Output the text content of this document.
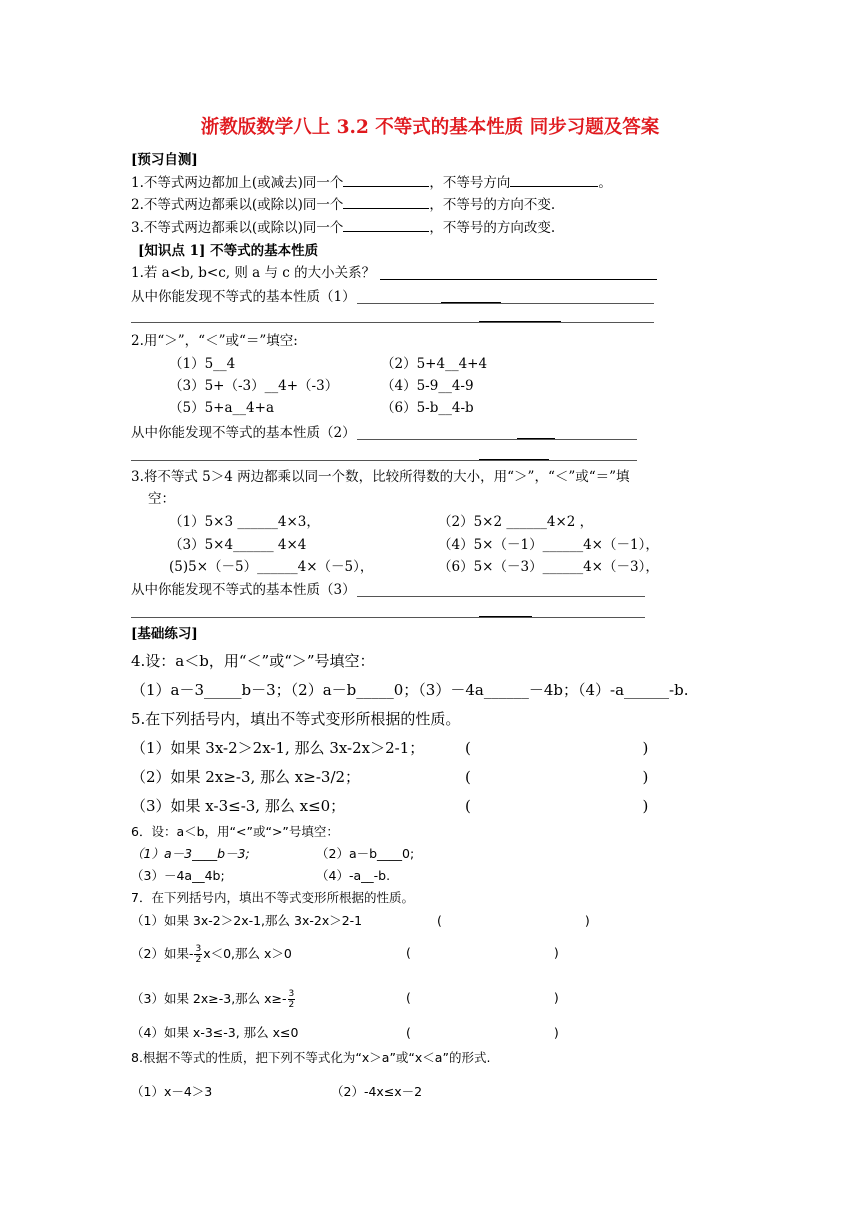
浙教版数学八上 3.2 不等式的基本性质 同步习题及答案
[预习自测]
1.不等式两边都加上(或减去)同一个	，不等号方向	。
2.不等式两边都乘以(或除以)同一个	，不等号的方向不变.
3.不等式两边都乘以(或除以)同一个	，不等号的方向改变.
[知识点 1] 不等式的基本性质
1.若 a<b, b<c, 则 a 与 c 的大小关系？
从中你能发现不等式的基本性质（1）
2.用“＞”，“＜”或“＝”填空:
（1）5__4	（2）5+4__4+4
（3）5+（-3）__4+（-3）	（4）5-9__4-9
（5）5+a__4+a	（6）5-b__4-b
从中你能发现不等式的基本性质（2）
3.将不等式 5＞4 两边都乘以同一个数，比较所得数的大小，用“＞”，“＜”或“＝”填
空：
（1）5×3 ______4×3，	（2）5×2 ______4×2 ，
（3）5×4______ 4×4	（4）5×（－1）______4×（－1），
(5)5×（－5）______4×（－5），	（6）5×（－3）______4×（－3），
从中你能发现不等式的基本性质（3）
[基础练习]
4.设：a＜b，用“＜”或“＞”号填空：
（1）a－3_____b－3；（2）a－b_____0；（3）－4a______－4b；（4）-a______-b.
5.在下列括号内，填出不等式变形所根据的性质。
（1）如果 3x-2＞2x-1, 那么 3x-2x＞2-1；	(                                    )
（2）如果 2x≥-3, 那么 x≥-3/2；	(                                    )
（3）如果 x-3≤-3, 那么 x≤0；	(                                    )
6．设：a＜b，用“<”或“>”号填空：
（1）a－3____b－3;	（2）a－b____0;
（3）－4a__4b;	（4）-a__-b.
7．在下列括号内，填出不等式变形所根据的性质。
（1）如果 3x-2＞2x-1,那么 3x-2x＞2-1	(                                    )
（2）如果- $\frac{3}{2} x<0$,那么 x＞0	(                                    )
（3）如果 2x≥-3,那么 $x\ge- \frac{3}{2}$	(                                    )
（4）如果 x-3≤-3, 那么 x≤0	(                                    )
8.根据不等式的性质，把下列不等式化为“x＞a”或“x＜a”的形式.
（1）x－4＞3	（2）-4x≤x－2
